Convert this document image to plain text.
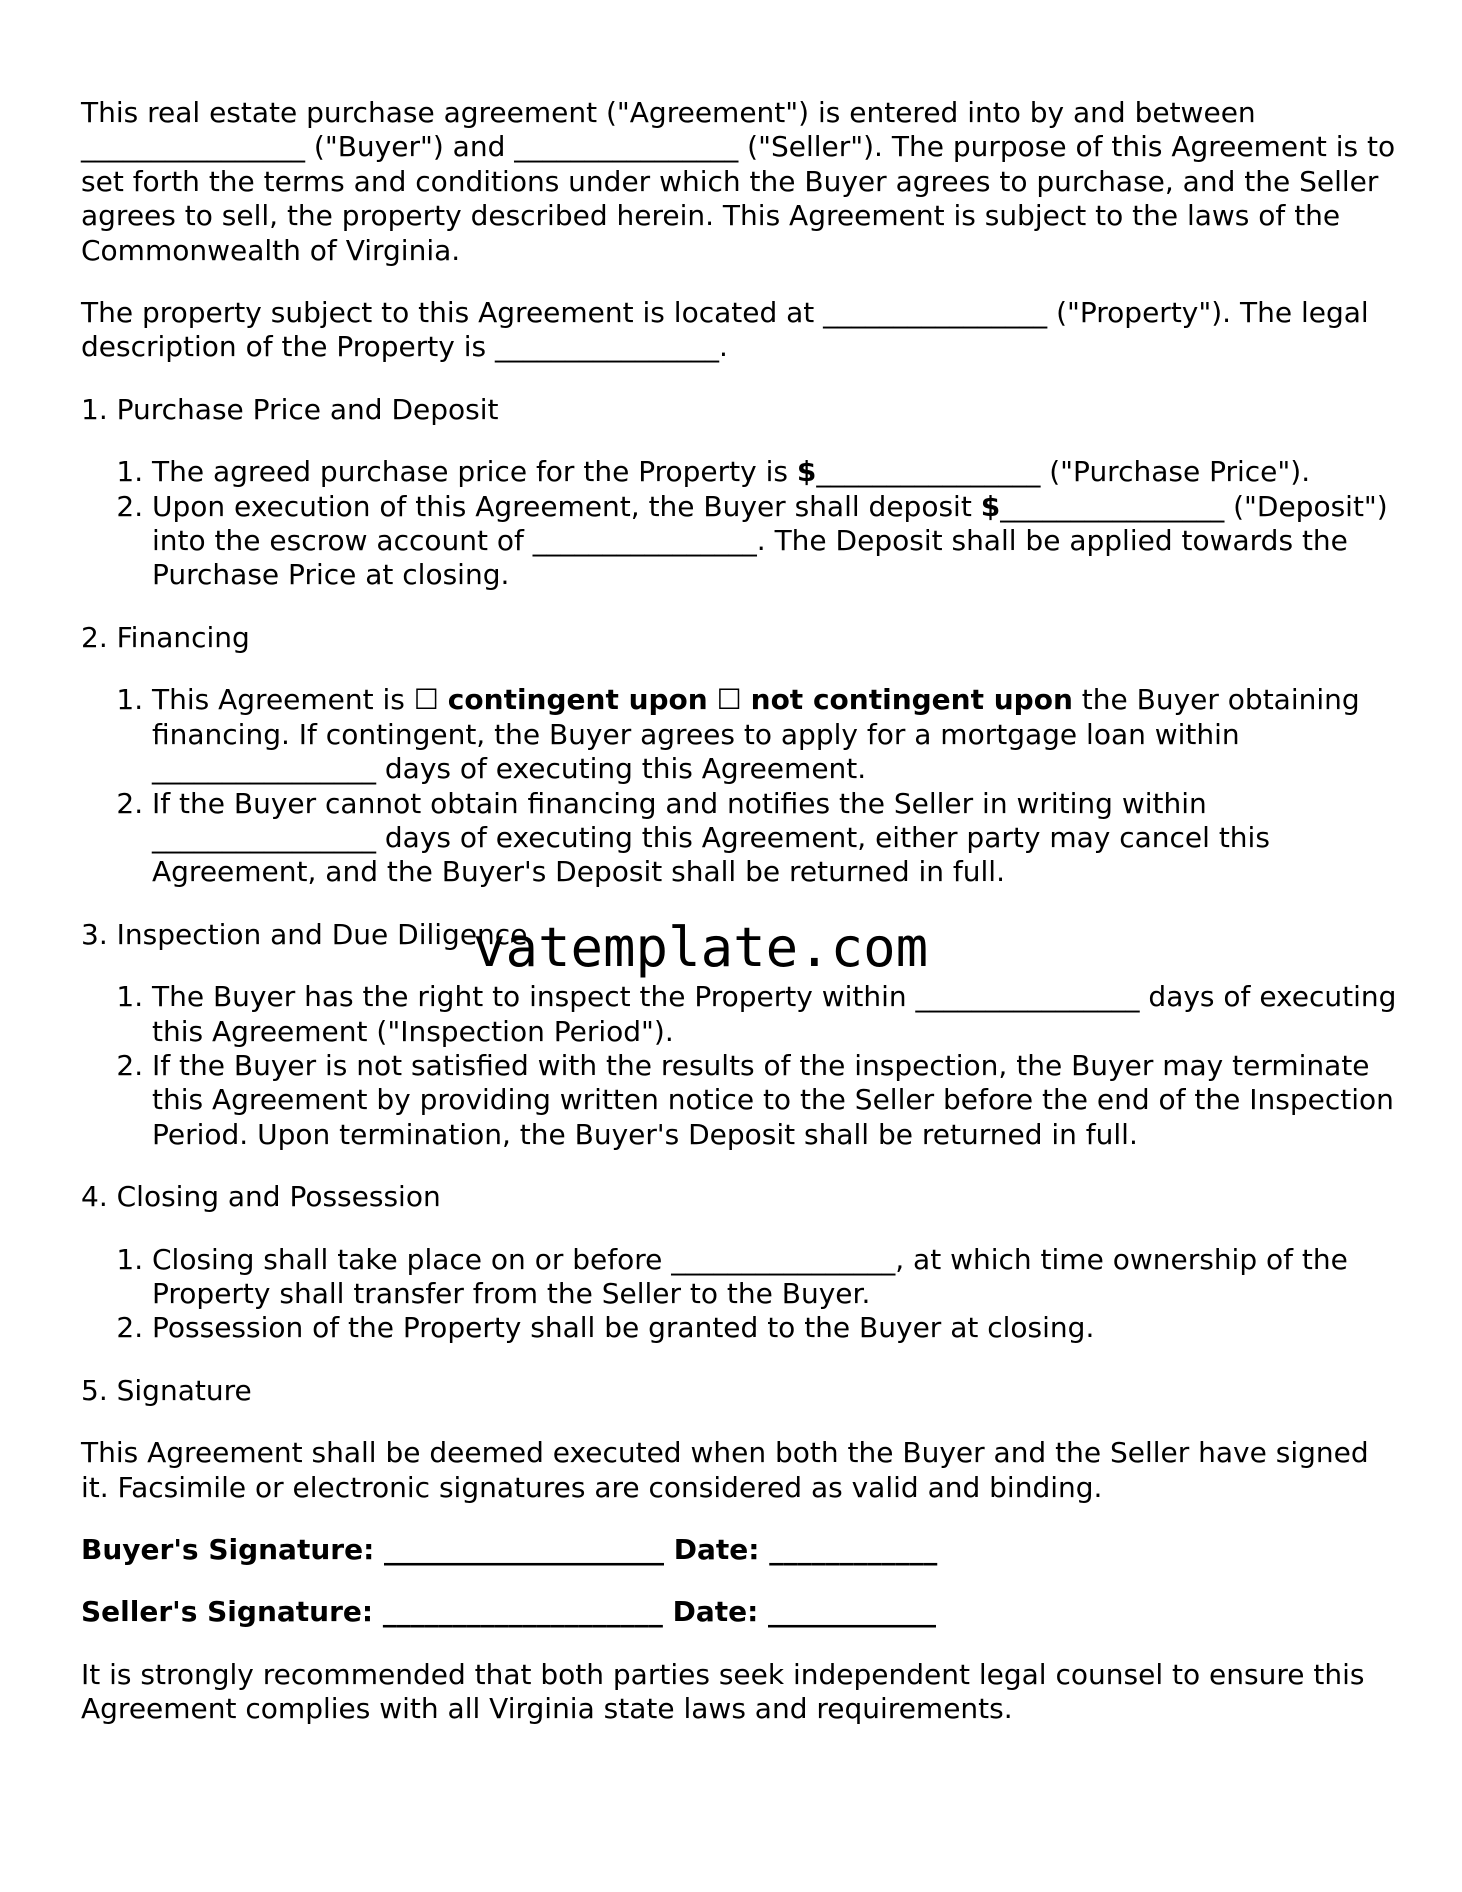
This real estate purchase agreement ("Agreement") is entered into by and between ________________ ("Buyer") and ________________ ("Seller"). The purpose of this Agreement is to set forth the terms and conditions under which the Buyer agrees to purchase, and the Seller agrees to sell, the property described herein. This Agreement is subject to the laws of the Commonwealth of Virginia.

The property subject to this Agreement is located at ________________ ("Property"). The legal description of the Property is ________________.

1. Purchase Price and Deposit
1. The agreed purchase price for the Property is $________________ ("Purchase Price").
2. Upon execution of this Agreement, the Buyer shall deposit $________________ ("Deposit") into the escrow account of ________________. The Deposit shall be applied towards the Purchase Price at closing.
2. Financing
1. This Agreement is ☐ contingent upon ☐ not contingent upon the Buyer obtaining financing. If contingent, the Buyer agrees to apply for a mortgage loan within ________________ days of executing this Agreement.
2. If the Buyer cannot obtain financing and notifies the Seller in writing within ________________ days of executing this Agreement, either party may cancel this Agreement, and the Buyer's Deposit shall be returned in full.
3. Inspection and Due Diligence
1. The Buyer has the right to inspect the Property within ________________ days of executing this Agreement ("Inspection Period").
2. If the Buyer is not satisfied with the results of the inspection, the Buyer may terminate this Agreement by providing written notice to the Seller before the end of the Inspection Period. Upon termination, the Buyer's Deposit shall be returned in full.
4. Closing and Possession
1. Closing shall take place on or before ________________, at which time ownership of the Property shall transfer from the Seller to the Buyer.
2. Possession of the Property shall be granted to the Buyer at closing.
5. Signature

This Agreement shall be deemed executed when both the Buyer and the Seller have signed it. Facsimile or electronic signatures are considered as valid and binding.

Buyer's Signature: ____________________ Date: ____________

Seller's Signature: ____________________ Date: ____________

It is strongly recommended that both parties seek independent legal counsel to ensure this Agreement complies with all Virginia state laws and requirements.

vatemplate.com
